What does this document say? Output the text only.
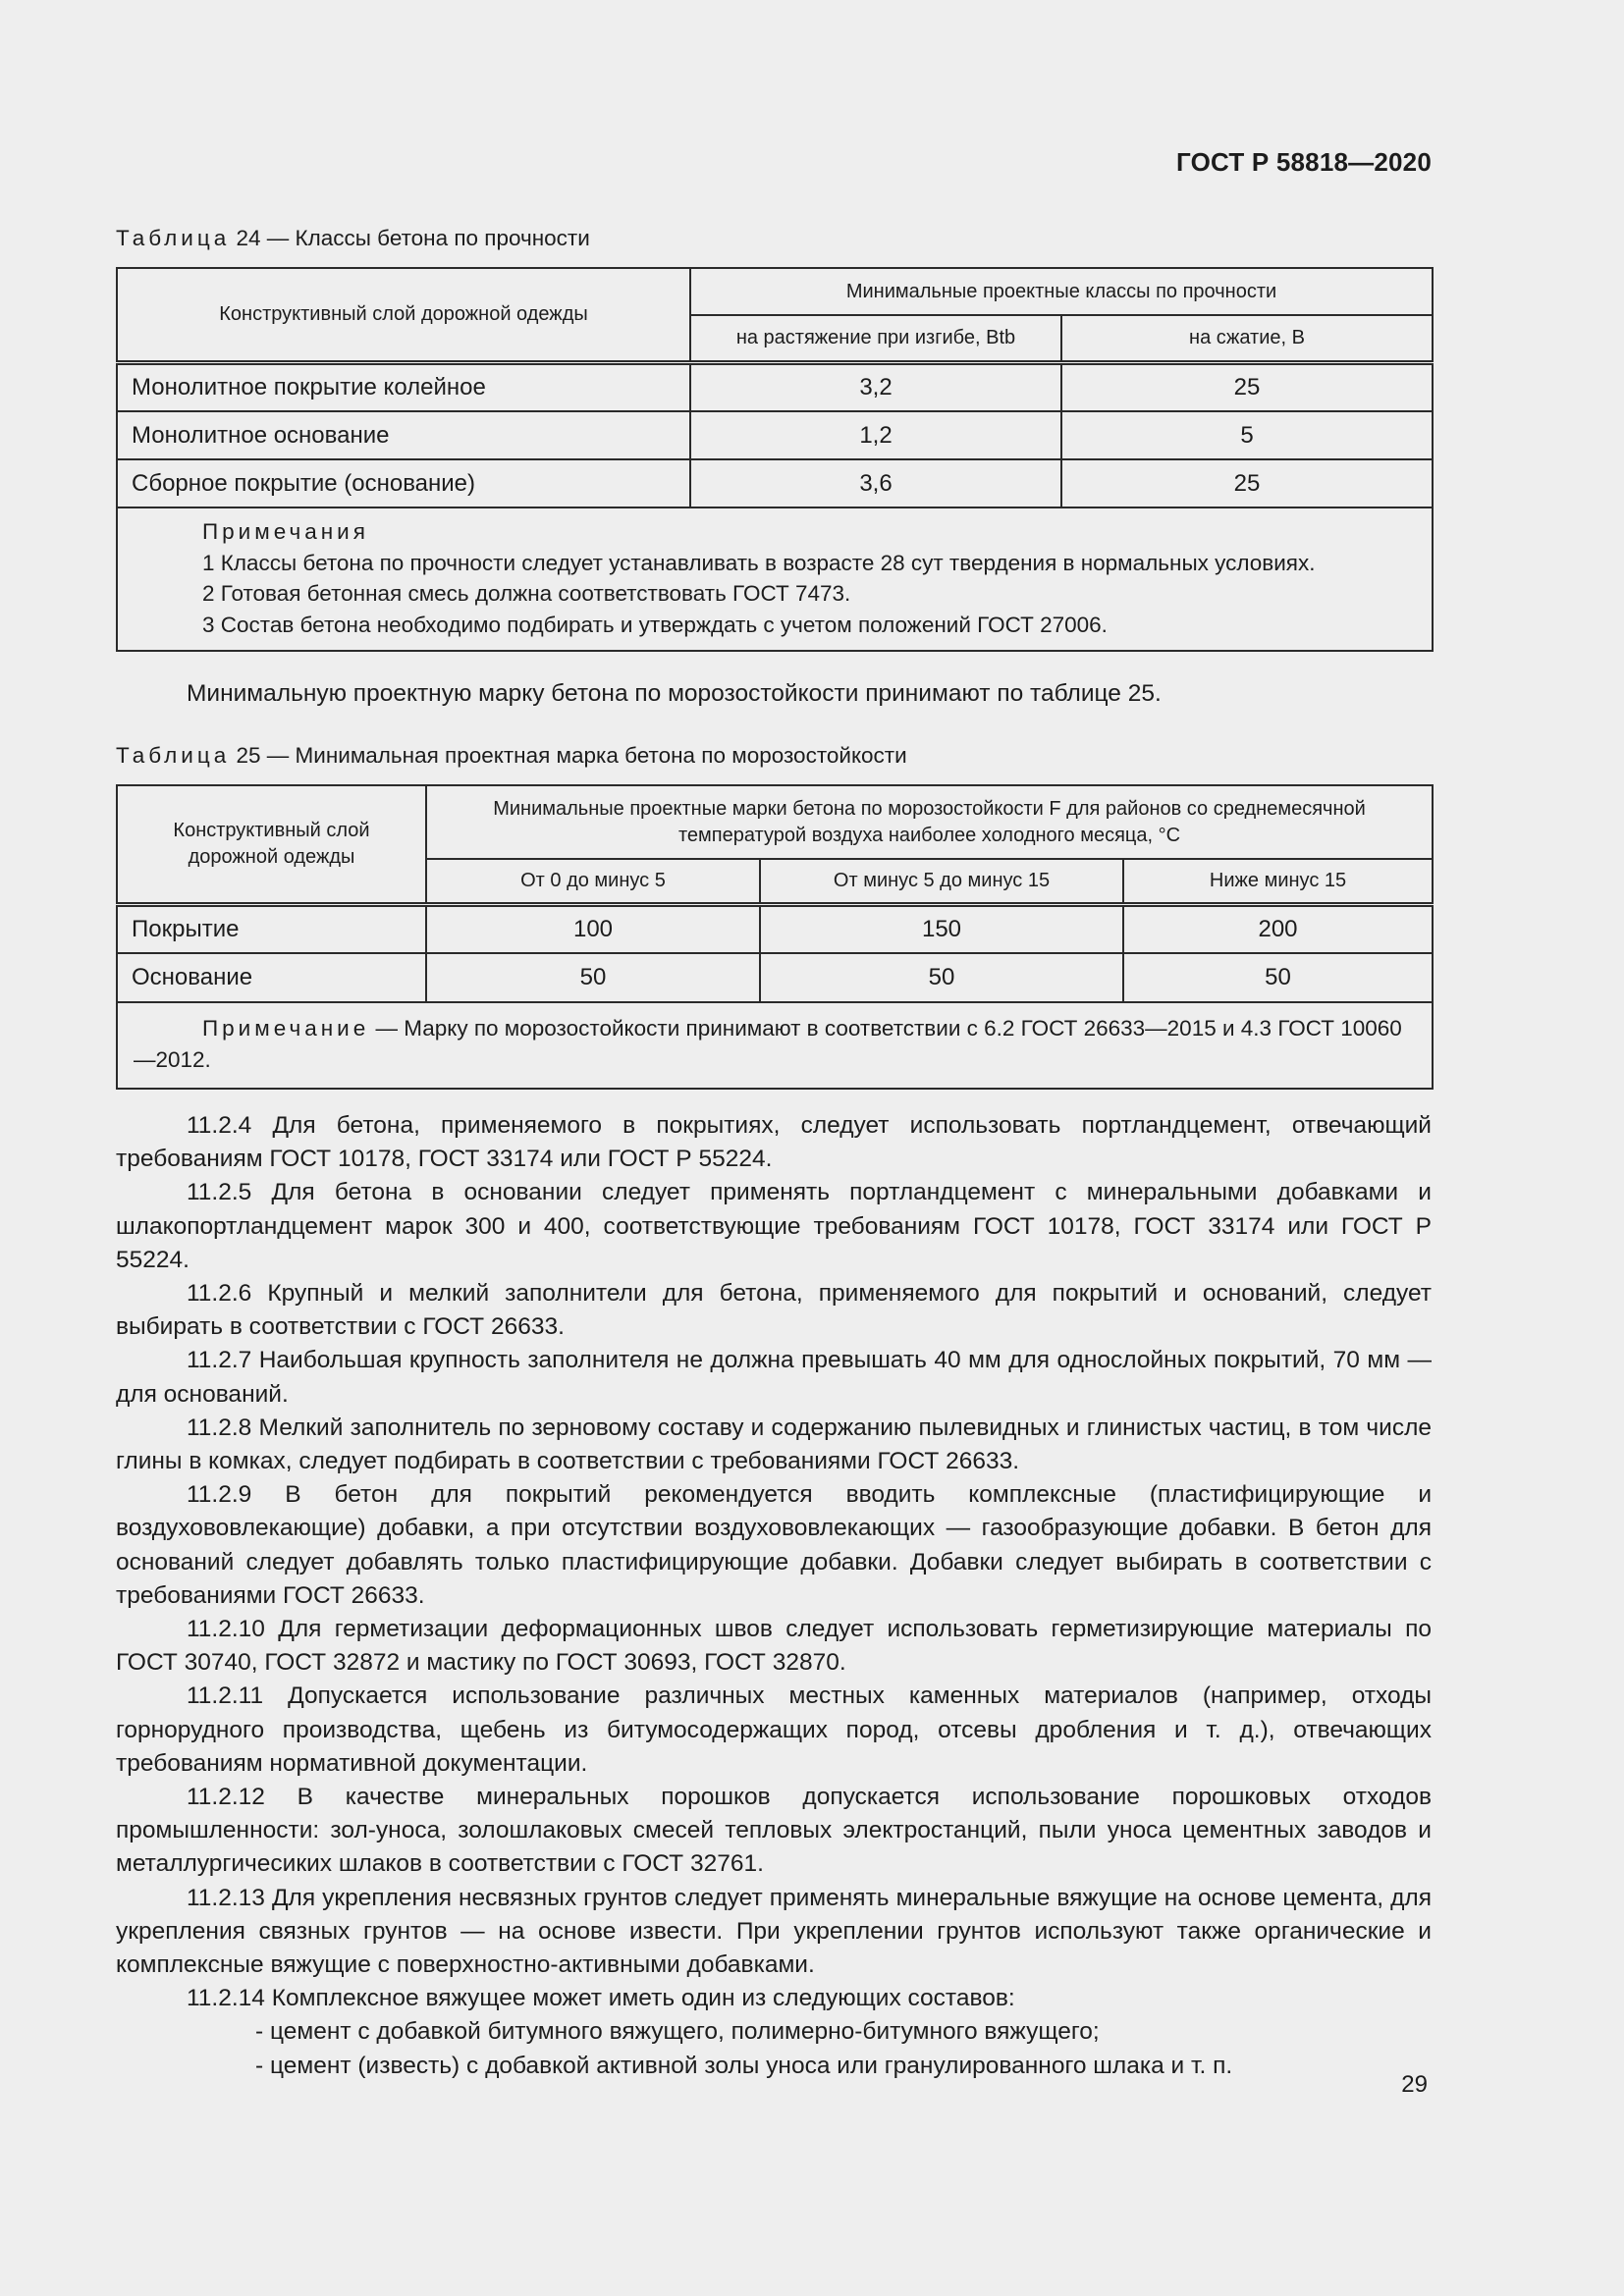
ГОСТ Р 58818—2020
Таблица 24 — Классы бетона по прочности
Конструктивный слой дорожной одежды	Минимальные проектные классы по прочности	
	на растяжение при изгибе, Btb	на сжатие, B
Монолитное покрытие колейное	3,2	25
Монолитное основание	1,2	5
Сборное покрытие (основание)	3,6	25

Примечания
1 Классы бетона по прочности следует устанавливать в возрасте 28 сут твердения в нормальных условиях.
2 Готовая бетонная смесь должна соответствовать ГОСТ 7473.
3 Состав бетона необходимо подбирать и утверждать с учетом положений ГОСТ 27006.		
Минимальную проектную марку бетона по морозостойкости принимают по таблице 25.
Таблица 25 — Минимальная проектная марка бетона по морозостойкости
Конструктивный слой дорожной одежды	Минимальные проектные марки бетона по морозостойкости F для районов со среднемесячной температурой воздуха наиболее холодного месяца, °C		
	От 0 до минус 5	От минус 5 до минус 15	Ниже минус 15
Покрытие	100	150	200
Основание	50	50	50
Примечание — Марку по морозостойкости принимают в соответствии с 6.2 ГОСТ 26633—2015 и 4.3 ГОСТ 10060—2012.			

11.2.4 Для бетона, применяемого в покрытиях, следует использовать портландцемент, отвечающий требованиям ГОСТ 10178, ГОСТ 33174 или ГОСТ Р 55224.

11.2.5 Для бетона в основании следует применять портландцемент с минеральными добавками и шлакопортландцемент марок 300 и 400, соответствующие требованиям ГОСТ 10178, ГОСТ 33174 или ГОСТ Р 55224.

11.2.6 Крупный и мелкий заполнители для бетона, применяемого для покрытий и оснований, следует выбирать в соответствии с ГОСТ 26633.

11.2.7 Наибольшая крупность заполнителя не должна превышать 40 мм для однослойных покрытий, 70 мм — для оснований.

11.2.8 Мелкий заполнитель по зерновому составу и содержанию пылевидных и глинистых частиц, в том числе глины в комках, следует подбирать в соответствии с требованиями ГОСТ 26633.

11.2.9 В бетон для покрытий рекомендуется вводить комплексные (пластифицирующие и воздухововлекающие) добавки, а при отсутствии воздухововлекающих — газообразующие добавки. В бетон для оснований следует добавлять только пластифицирующие добавки. Добавки следует выбирать в соответствии с требованиями ГОСТ 26633.

11.2.10 Для герметизации деформационных швов следует использовать герметизирующие материалы по ГОСТ 30740, ГОСТ 32872 и мастику по ГОСТ 30693, ГОСТ 32870.

11.2.11 Допускается использование различных местных каменных материалов (например, отходы горнорудного производства, щебень из битумосодержащих пород, отсевы дробления и т. д.), отвечающих требованиям нормативной документации.

11.2.12 В качестве минеральных порошков допускается использование порошковых отходов промышленности: зол-уноса, золошлаковых смесей тепловых электростанций, пыли уноса цементных заводов и металлургичесиких шлаков в соответствии с ГОСТ 32761.

11.2.13 Для укрепления несвязных грунтов следует применять минеральные вяжущие на основе цемента, для укрепления связных грунтов — на основе извести. При укреплении грунтов используют также органические и комплексные вяжущие с поверхностно-активными добавками.

11.2.14 Комплексное вяжущее может иметь один из следующих составов:

- цемент с добавкой битумного вяжущего, полимерно-битумного вяжущего;

- цемент (известь) с добавкой активной золы уноса или гранулированного шлака и т. п.

29
